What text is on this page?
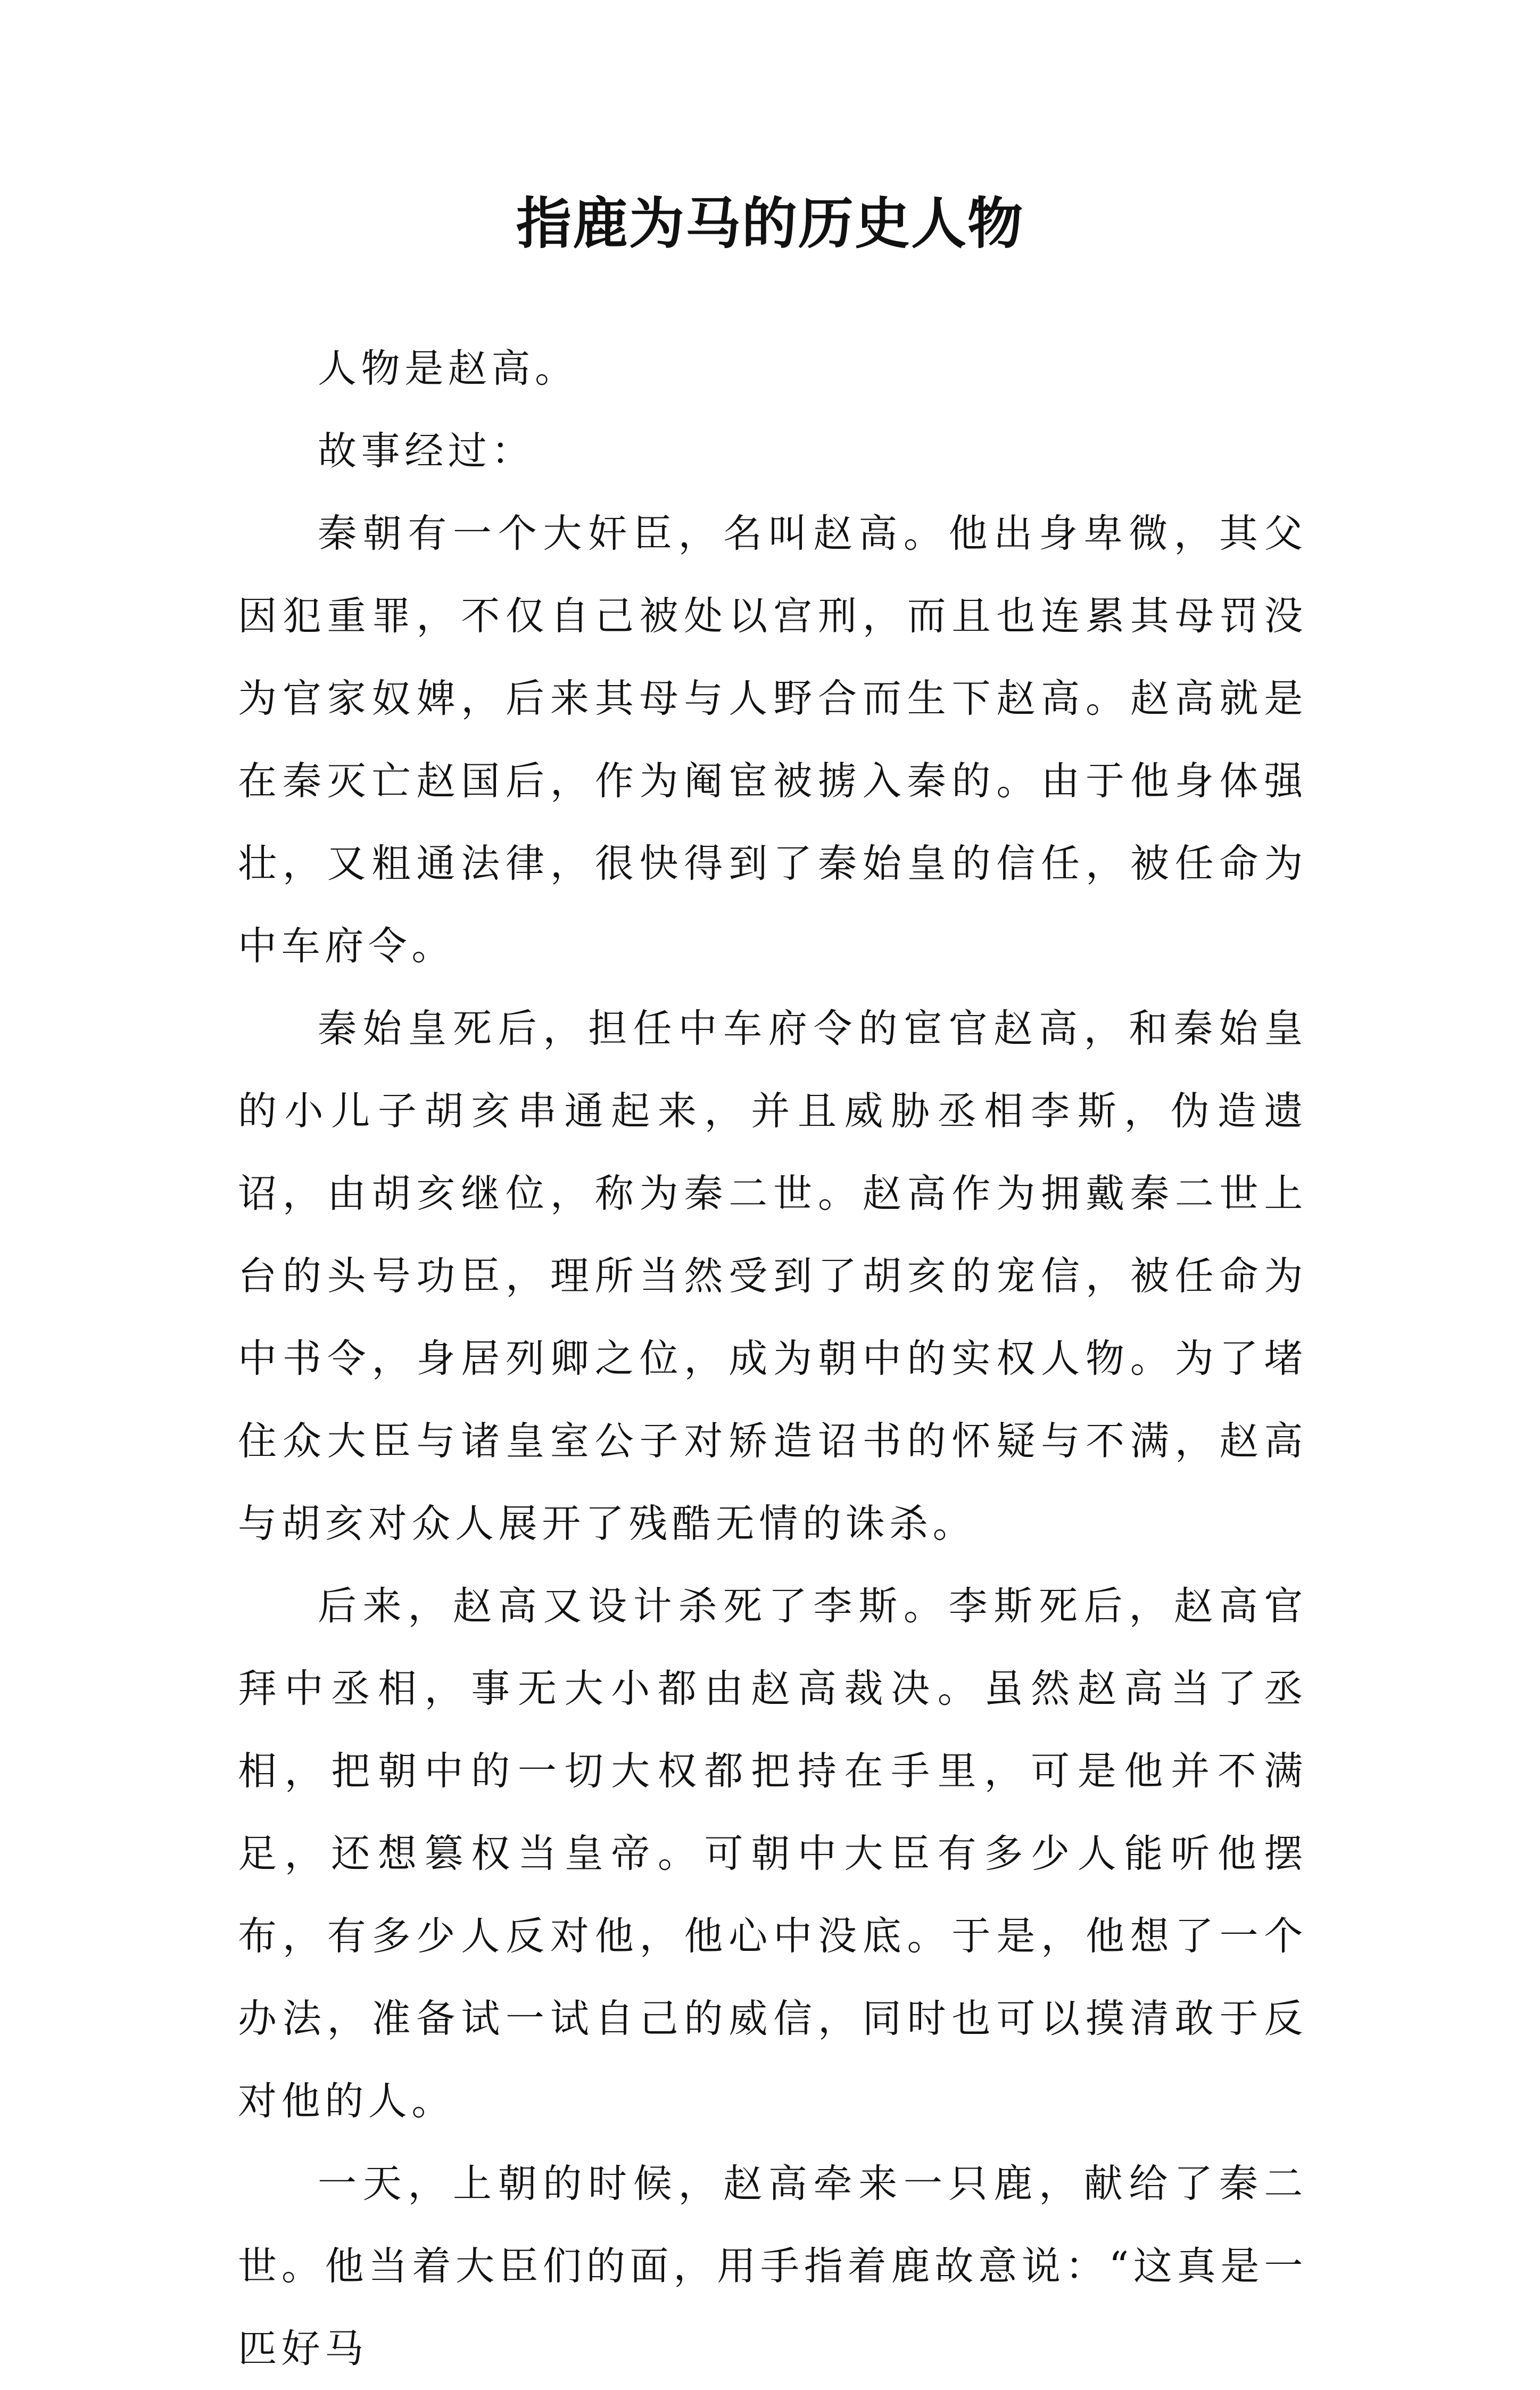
指鹿为马的历史人物

人物是赵高。

故事经过：

秦朝有一个大奸臣，名叫赵高。他出身卑微，其父因犯重罪，不仅自己被处以宫刑，而且也连累其母罚没为官家奴婢，后来其母与人野合而生下赵高。赵高就是在秦灭亡赵国后，作为阉宦被掳入秦的。由于他身体强壮，又粗通法律，很快得到了秦始皇的信任，被任命为中车府令。

秦始皇死后，担任中车府令的宦官赵高，和秦始皇的小儿子胡亥串通起来，并且威胁丞相李斯，伪造遗诏，由胡亥继位，称为秦二世。赵高作为拥戴秦二世上台的头号功臣，理所当然受到了胡亥的宠信，被任命为中书令，身居列卿之位，成为朝中的实权人物。为了堵住众大臣与诸皇室公子对矫造诏书的怀疑与不满，赵高与胡亥对众人展开了残酷无情的诛杀。

后来，赵高又设计杀死了李斯。李斯死后，赵高官拜中丞相，事无大小都由赵高裁决。虽然赵高当了丞相，把朝中的一切大权都把持在手里，可是他并不满足，还想篡权当皇帝。可朝中大臣有多少人能听他摆布，有多少人反对他，他心中没底。于是，他想了一个办法，准备试一试自己的威信，同时也可以摸清敢于反对他的人。

一天，上朝的时候，赵高牵来一只鹿，献给了秦二世。他当着大臣们的面，用手指着鹿故意说：“这真是一匹好马
